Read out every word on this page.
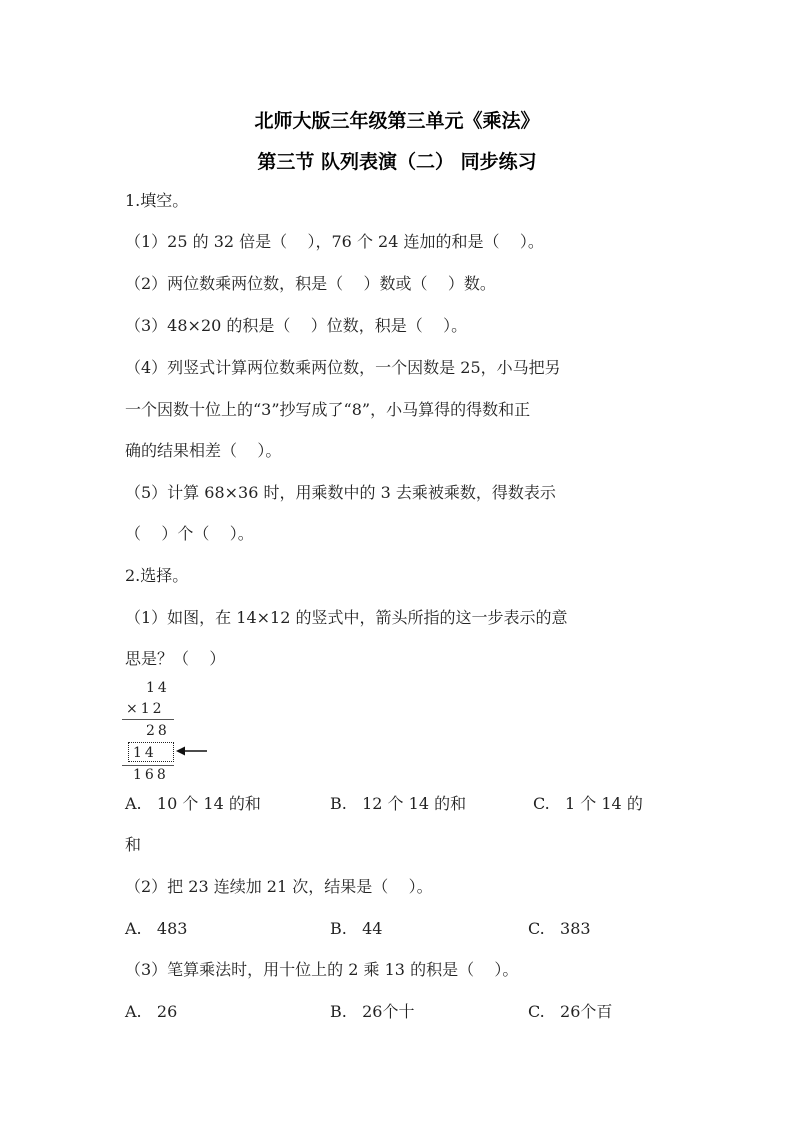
北师大版三年级第三单元《乘法》
第三节 队列表演（二） 同步练习
1.填空。
（1）25 的 32 倍是（    ），76 个 24 连加的和是（    ）。
（2）两位数乘两位数，积是（    ）数或（    ）数。
（3）48×20 的积是（    ）位数，积是（    ）。
（4）列竖式计算两位数乘两位数，一个因数是 25，小马把另
一个因数十位上的“3”抄写成了“8”，小马算得的得数和正
确的结果相差（    ）。
（5）计算 68×36 时，用乘数中的 3 去乘被乘数，得数表示
（    ）个（    ）。
2.选择。
（1）如图，在 14×12 的竖式中，箭头所指的这一步表示的意
思是？（    ）
14
×12
28
14
168
A.   10 个 14 的和	B.   12 个 14 的和	C.   1 个 14 的
和
（2）把 23 连续加 21 次，结果是（    ）。
A.   483	B.   44	C.   383
（3）笔算乘法时，用十位上的 2 乘 13 的积是（    ）。
A.   26	B.   26个十	C.   26个百
